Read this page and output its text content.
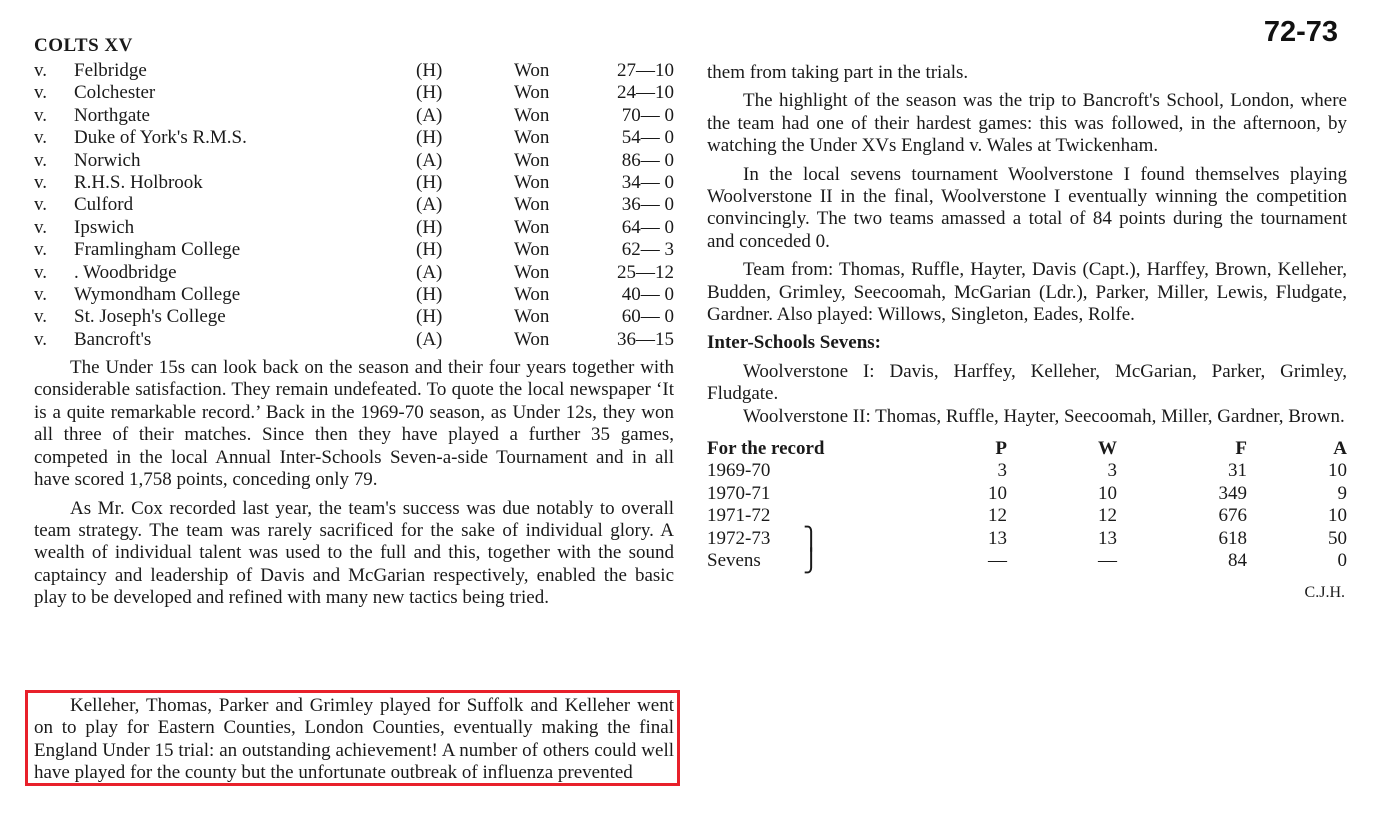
72-73
COLTS XV
v. Felbridge	(H)	Won	27—10
v. Colchester	(H)	Won	24—10
v. Northgate	(A)	Won	70— 0
v. Duke of York's R.M.S.	(H)	Won	54— 0
v. Norwich	(A)	Won	86— 0
v. R.H.S. Holbrook	(H)	Won	34— 0
v. Culford	(A)	Won	36— 0
v. Ipswich	(H)	Won	64— 0
v. Framlingham College	(H)	Won	62— 3
v. . Woodbridge	(A)	Won	25—12
v. Wymondham College	(H)	Won	40— 0
v. St. Joseph's College	(H)	Won	60— 0
v. Bancroft's	(A)	Won	36—15

The Under 15s can look back on the season and their four years together with considerable satisfaction. They remain undefeated. To quote the local newspaper ‘It is a quite remarkable record.’ Back in the 1969-70 season, as Under 12s, they won all three of their matches. Since then they have played a further 35 games, competed in the local Annual Inter-Schools Seven-a-side Tournament and in all have scored 1,758 points, conceding only 79.

As Mr. Cox recorded last year, the team's success was due notably to overall team strategy. The team was rarely sacrificed for the sake of individual glory. A wealth of individual talent was used to the full and this, together with the sound captaincy and leadership of Davis and McGarian respectively, enabled the basic play to be developed and refined with many new tactics being tried.

Kelleher, Thomas, Parker and Grimley played for Suffolk and Kelleher went on to play for Eastern Counties, London Counties, eventually making the final England Under 15 trial: an outstanding achievement! A number of others could well have played for the county but the unfortunate outbreak of influenza prevented

them from taking part in the trials.

The highlight of the season was the trip to Bancroft's School, London, where the team had one of their hardest games: this was followed, in the afternoon, by watching the Under XVs England v. Wales at Twickenham.

In the local sevens tournament Woolverstone I found themselves playing Woolverstone II in the final, Woolverstone I eventually winning the competition convincingly. The two teams amassed a total of 84 points during the tournament and conceded 0.

Team from: Thomas, Ruffle, Hayter, Davis (Capt.), Harffey, Brown, Kelleher, Budden, Grimley, Seecoomah, McGarian (Ldr.), Parker, Miller, Lewis, Fludgate, Gardner. Also played: Willows, Singleton, Eades, Rolfe.

Inter-Schools Sevens:

Woolverstone I: Davis, Harffey, Kelleher, McGarian, Parker, Grimley, Fludgate.

Woolverstone II: Thomas, Ruffle, Hayter, Seecoomah, Miller, Gardner, Brown.

For the record	P	W	F	A
1969-70	3	3	31	10
1970-71	10	10	349	9
1971-72	12	12	676	10
1972-73 ⎫	13	13	618	50
Sevens ⎭	—	—	84	0
C.J.H.
